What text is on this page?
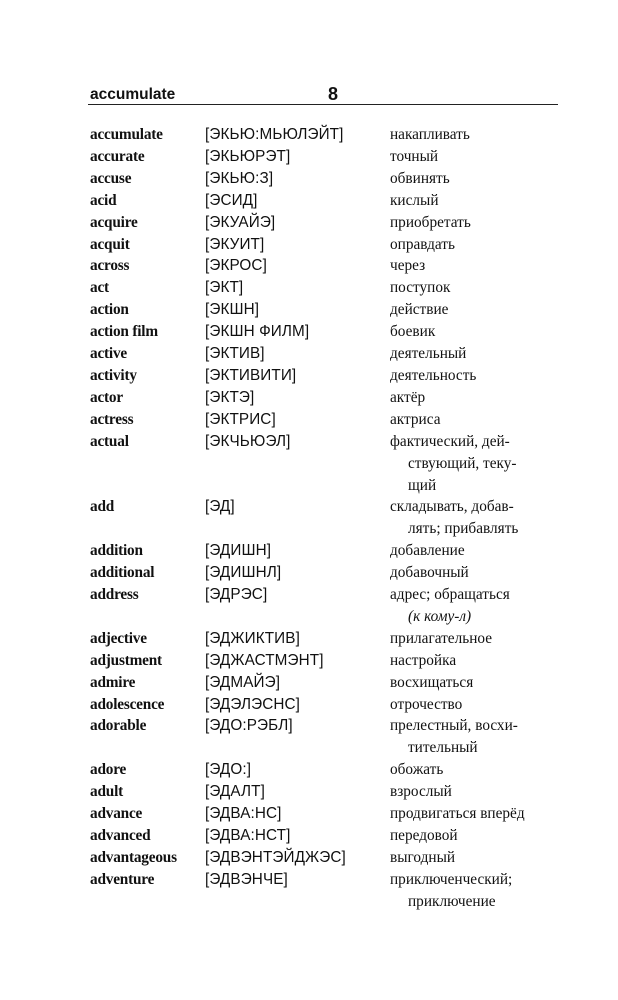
accumulate	8
accumulate	[ЭКЬЮ:МЬЮЛЭЙТ]	накапливать
accurate	[ЭКЬЮРЭТ]	точный
accuse	[ЭКЬЮ:З]	обвинять
acid	[ЭСИД]	кислый
acquire	[ЭКУАЙЭ]	приобретать
acquit	[ЭКУИТ]	оправдать
across	[ЭКРОС]	через
act	[ЭКТ]	поступок
action	[ЭКШН]	действие
action film	[ЭКШН ФИЛМ]	боевик
active	[ЭКТИВ]	деятельный
activity	[ЭКТИВИТИ]	деятельность
actor	[ЭКТЭ]	актёр
actress	[ЭКТРИС]	актриса
actual	[ЭКЧЬЮЭЛ]	фактический, дей-
ствующий, теку-
щий
add	[ЭД]	складывать, добав-
лять; прибавлять
addition	[ЭДИШН]	добавление
additional	[ЭДИШНЛ]	добавочный
address	[ЭДРЭС]	адрес; обращаться
(к кому-л)
adjective	[ЭДЖИКТИВ]	прилагательное
adjustment	[ЭДЖАСТМЭНТ]	настройка
admire	[ЭДМАЙЭ]	восхищаться
adolescence	[ЭДЭЛЭСНС]	отрочество
adorable	[ЭДО:РЭБЛ]	прелестный, восхи-
тительный
adore	[ЭДО:]	обожать
adult	[ЭДАЛТ]	взрослый
advance	[ЭДВА:НС]	продвигаться вперёд
advanced	[ЭДВА:НСТ]	передовой
advantageous	[ЭДВЭНТЭЙДЖЭС]	выгодный
adventure	[ЭДВЭНЧЕ]	приключенческий;
приключение
